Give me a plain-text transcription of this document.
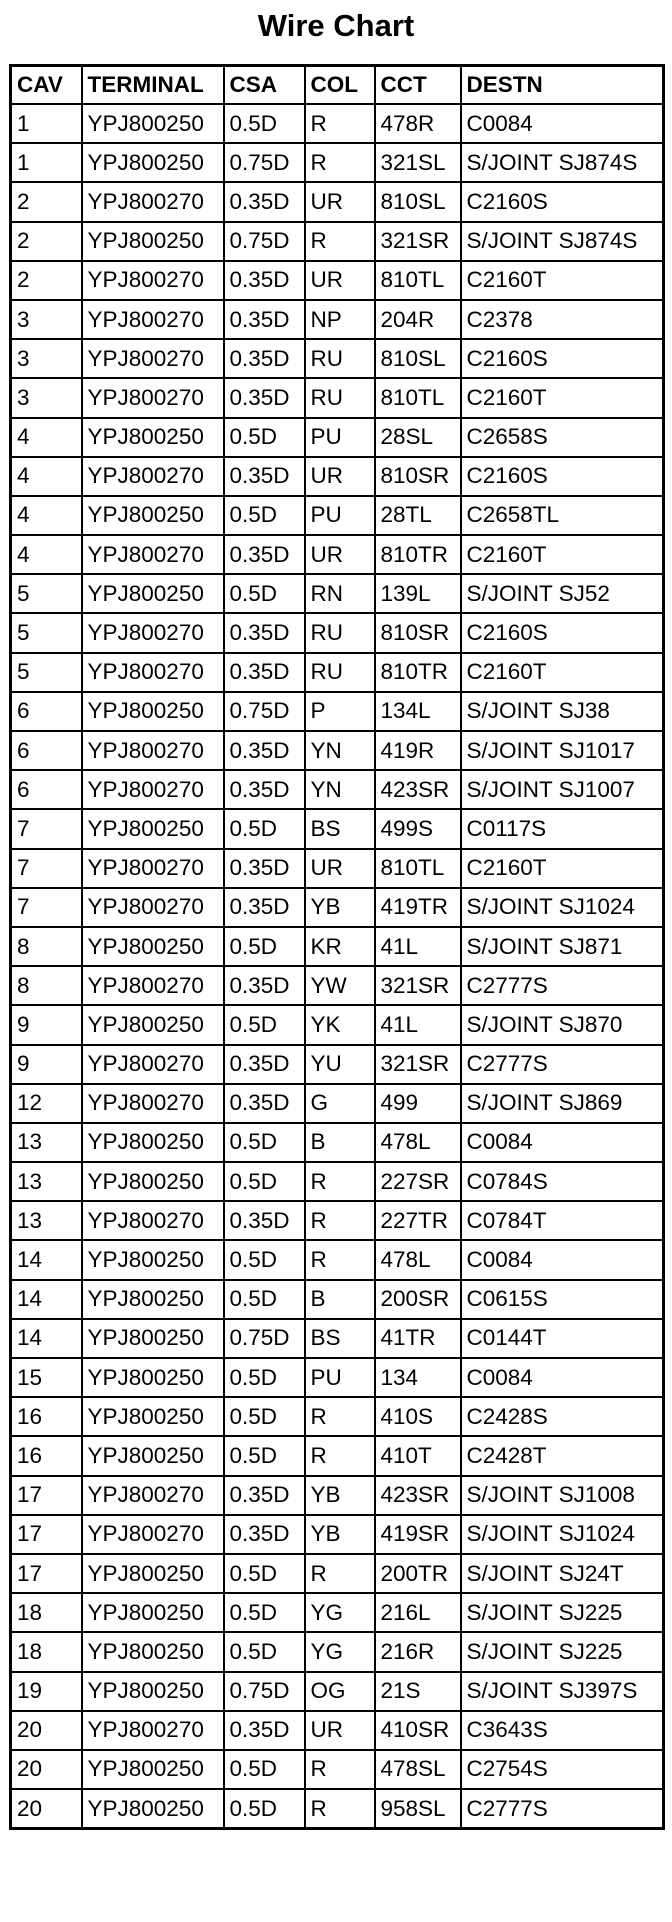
Wire Chart
CAV	TERMINAL	CSA	COL	CCT	DESTN
1	YPJ800250	0.5D	R	478R	C0084
1	YPJ800250	0.75D	R	321SL	S/JOINT SJ874S
2	YPJ800270	0.35D	UR	810SL	C2160S
2	YPJ800250	0.75D	R	321SR	S/JOINT SJ874S
2	YPJ800270	0.35D	UR	810TL	C2160T
3	YPJ800270	0.35D	NP	204R	C2378
3	YPJ800270	0.35D	RU	810SL	C2160S
3	YPJ800270	0.35D	RU	810TL	C2160T
4	YPJ800250	0.5D	PU	28SL	C2658S
4	YPJ800270	0.35D	UR	810SR	C2160S
4	YPJ800250	0.5D	PU	28TL	C2658TL
4	YPJ800270	0.35D	UR	810TR	C2160T
5	YPJ800250	0.5D	RN	139L	S/JOINT SJ52
5	YPJ800270	0.35D	RU	810SR	C2160S
5	YPJ800270	0.35D	RU	810TR	C2160T
6	YPJ800250	0.75D	P	134L	S/JOINT SJ38
6	YPJ800270	0.35D	YN	419R	S/JOINT SJ1017
6	YPJ800270	0.35D	YN	423SR	S/JOINT SJ1007
7	YPJ800250	0.5D	BS	499S	C0117S
7	YPJ800270	0.35D	UR	810TL	C2160T
7	YPJ800270	0.35D	YB	419TR	S/JOINT SJ1024
8	YPJ800250	0.5D	KR	41L	S/JOINT SJ871
8	YPJ800270	0.35D	YW	321SR	C2777S
9	YPJ800250	0.5D	YK	41L	S/JOINT SJ870
9	YPJ800270	0.35D	YU	321SR	C2777S
12	YPJ800270	0.35D	G	499	S/JOINT SJ869
13	YPJ800250	0.5D	B	478L	C0084
13	YPJ800250	0.5D	R	227SR	C0784S
13	YPJ800270	0.35D	R	227TR	C0784T
14	YPJ800250	0.5D	R	478L	C0084
14	YPJ800250	0.5D	B	200SR	C0615S
14	YPJ800250	0.75D	BS	41TR	C0144T
15	YPJ800250	0.5D	PU	134	C0084
16	YPJ800250	0.5D	R	410S	C2428S
16	YPJ800250	0.5D	R	410T	C2428T
17	YPJ800270	0.35D	YB	423SR	S/JOINT SJ1008
17	YPJ800270	0.35D	YB	419SR	S/JOINT SJ1024
17	YPJ800250	0.5D	R	200TR	S/JOINT SJ24T
18	YPJ800250	0.5D	YG	216L	S/JOINT SJ225
18	YPJ800250	0.5D	YG	216R	S/JOINT SJ225
19	YPJ800250	0.75D	OG	21S	S/JOINT SJ397S
20	YPJ800270	0.35D	UR	410SR	C3643S
20	YPJ800250	0.5D	R	478SL	C2754S
20	YPJ800250	0.5D	R	958SL	C2777S
